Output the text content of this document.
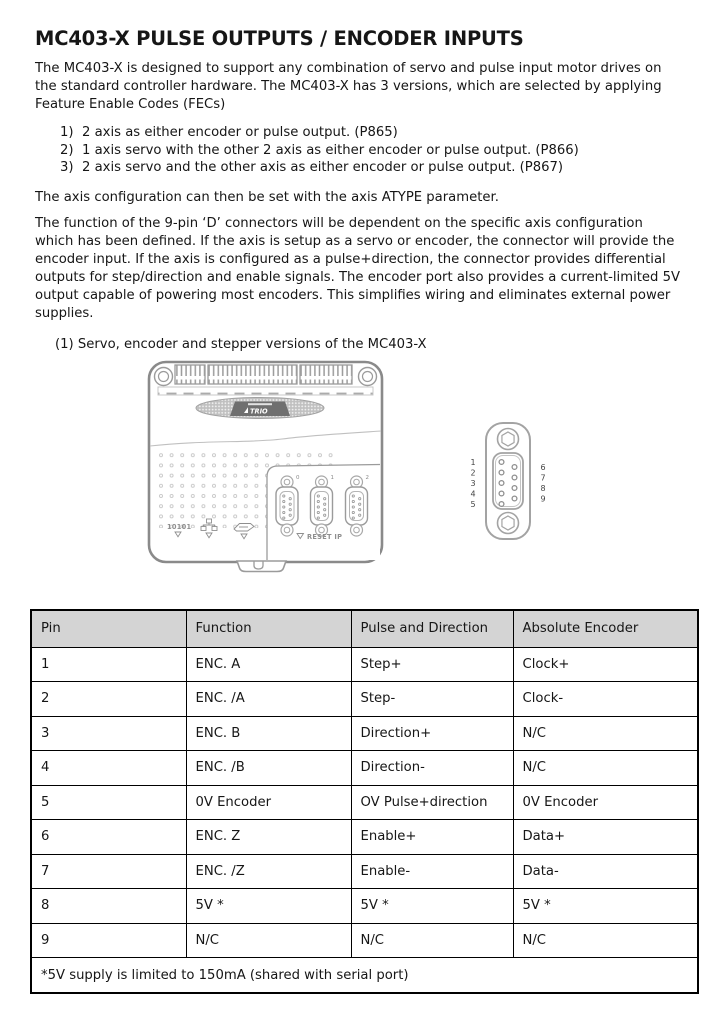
MC403-X PULSE OUTPUTS / ENCODER INPUTS

The MC403-X is designed to support any combination of servo and pulse input motor drives on the standard controller hardware. The MC403-X has 3 versions, which are selected by applying Feature Enable Codes (FECs)

1) 2 axis as either encoder or pulse output. (P865)
2) 1 axis servo with the other 2 axis as either encoder or pulse output. (P866)
3) 2 axis servo and the other axis as either encoder or pulse output. (P867)

The axis configuration can then be set with the axis ATYPE parameter.

The function of the 9-pin ‘D’ connectors will be dependent on the specific axis configuration which has been defined. If the axis is setup as a servo or encoder, the connector will provide the encoder input. If the axis is configured as a pulse+direction, the connector provides differential outputs for step/direction and enable signals. The encoder port also provides a current-limited 5V output capable of powering most encoders. This simplifies wiring and eliminates external power supplies.

(1) Servo, encoder and stepper versions of the MC403-X

TRIO
0	1	2
10101
RESET IP
1
2
3
4
5
6
7
8
9
Pin	Function	Pulse and Direction	Absolute Encoder
1	ENC. A	Step+	Clock+
2	ENC. /A	Step-	Clock-
3	ENC. B	Direction+	N/C
4	ENC. /B	Direction-	N/C
5	0V Encoder	OV Pulse+direction	0V Encoder
6	ENC. Z	Enable+	Data+
7	ENC. /Z	Enable-	Data-
8	5V *	5V *	5V *
9	N/C	N/C	N/C
*5V supply is limited to 150mA (shared with serial port)			
